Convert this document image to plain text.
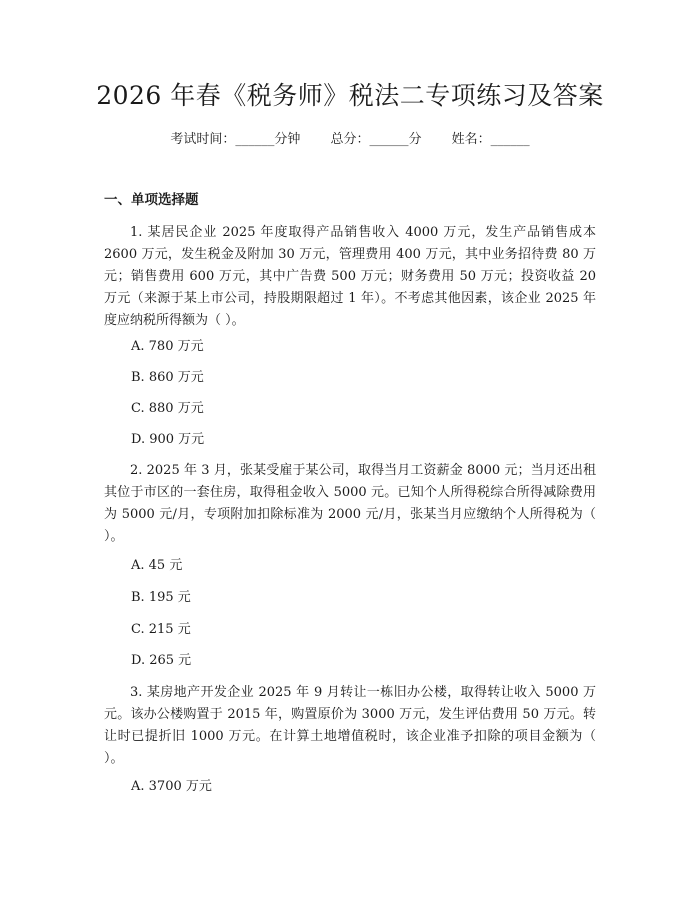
2026 年春《税务师》税法二专项练习及答案
考试时间：______分钟 总分：______分 姓名：______
一、单项选择题

1. 某居民企业 2025 年度取得产品销售收入 4000 万元，发生产品销售成本 2600 万元，发生税金及附加 30 万元，管理费用 400 万元，其中业务招待费 80 万元；销售费用 600 万元，其中广告费 500 万元；财务费用 50 万元；投资收益 20 万元（来源于某上市公司，持股期限超过 1 年）。不考虑其他因素，该企业 2025 年度应纳税所得额为（ ）。

A. 780 万元
B. 860 万元
C. 880 万元
D. 900 万元

2. 2025 年 3 月，张某受雇于某公司，取得当月工资薪金 8000 元；当月还出租其位于市区的一套住房，取得租金收入 5000 元。已知个人所得税综合所得减除费用为 5000 元/月，专项附加扣除标准为 2000 元/月，张某当月应缴纳个人所得税为（ ）。

A. 45 元
B. 195 元
C. 215 元
D. 265 元

3. 某房地产开发企业 2025 年 9 月转让一栋旧办公楼，取得转让收入 5000 万元。该办公楼购置于 2015 年，购置原价为 3000 万元，发生评估费用 50 万元。转让时已提折旧 1000 万元。在计算土地增值税时，该企业准予扣除的项目金额为（ ）。

A. 3700 万元
